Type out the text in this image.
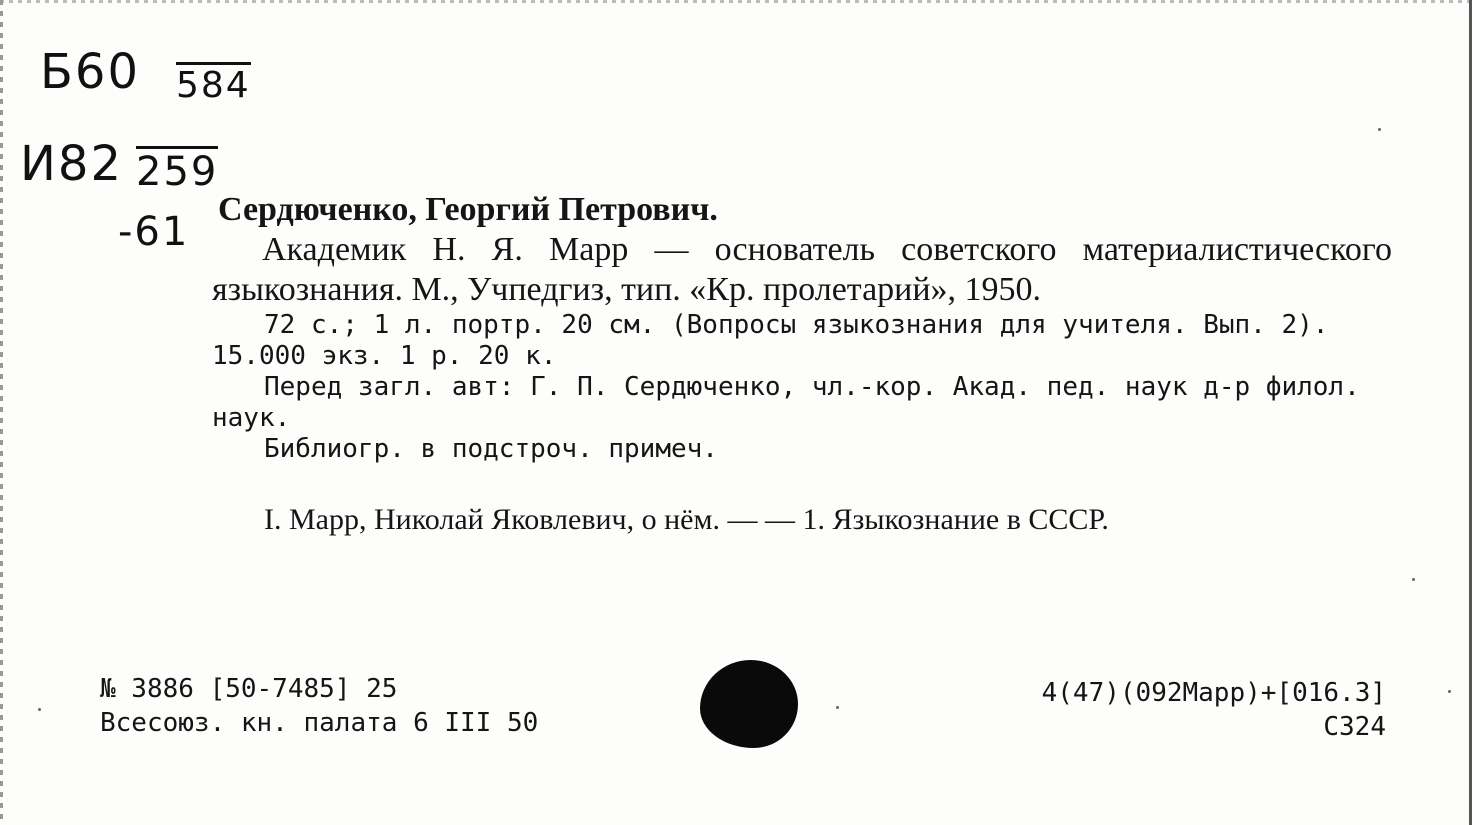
Б60 584
И82 259
-61 Сердюченко, Георгий Петрович.
Академик Н. Я. Марр — основатель советского материалистического языкознания. М., Учпедгиз, тип. «Кр. пролетарий», 1950.
72 с.; 1 л. портр. 20 см. (Вопросы языкознания для учителя. Вып. 2). 15.000 экз. 1 р. 20 к.
Перед загл. авт: Г. П. Сердюченко, чл.-кор. Акад. пед. наук д-р филол. наук.
Библиогр. в подстроч. примеч.
I. Марр, Николай Яковлевич, о нём. — — 1. Языкознание в СССР.
№ 3886 [50-7485] 25
Всесоюз. кн. палата 6 III 50
4(47)(092Марр)+[016.3]
С324
